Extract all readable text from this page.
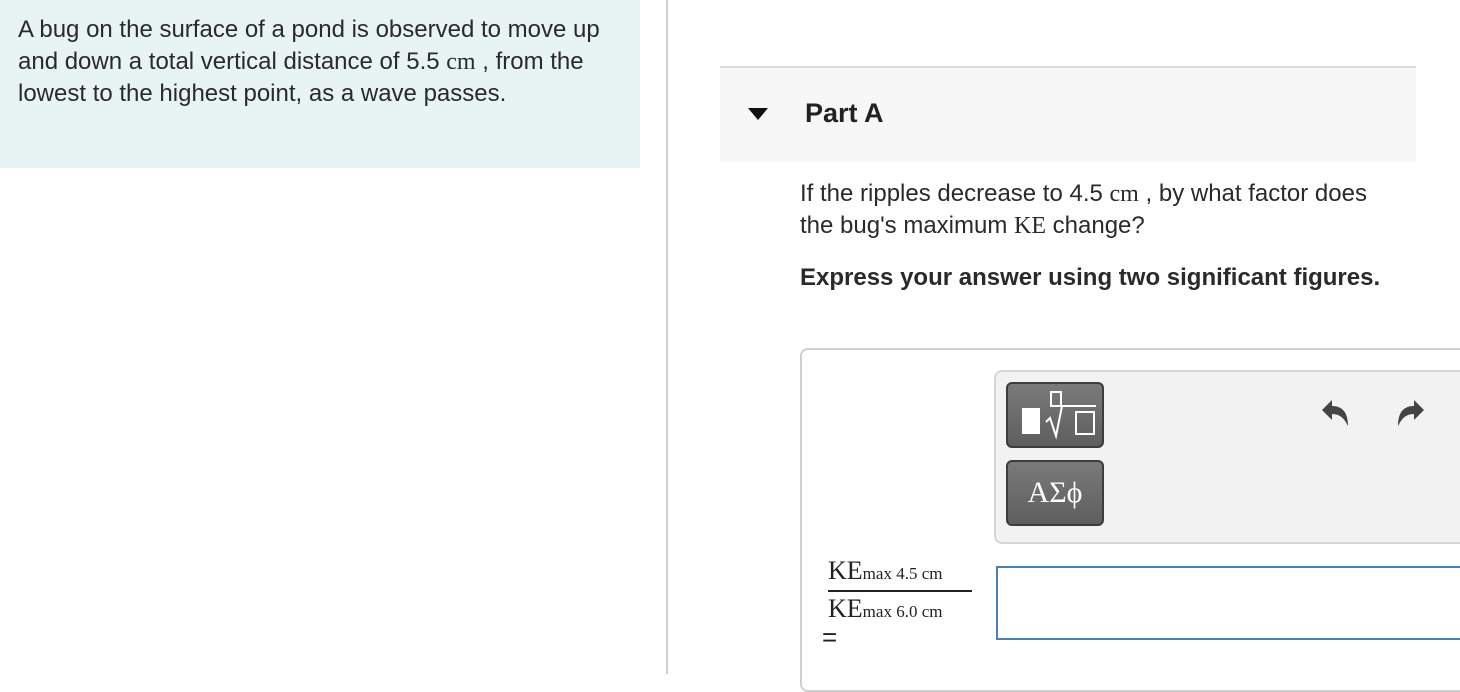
A bug on the surface of a pond is observed to move up and down a total vertical distance of 5.5 cm , from the lowest to the highest point, as a wave passes.
Part A
If the ripples decrease to 4.5 cm , by what factor does the bug's maximum KE change?
Express your answer using two significant figures.
ΑΣϕ
KEmax 4.5 cm
KEmax 6.0 cm
=
